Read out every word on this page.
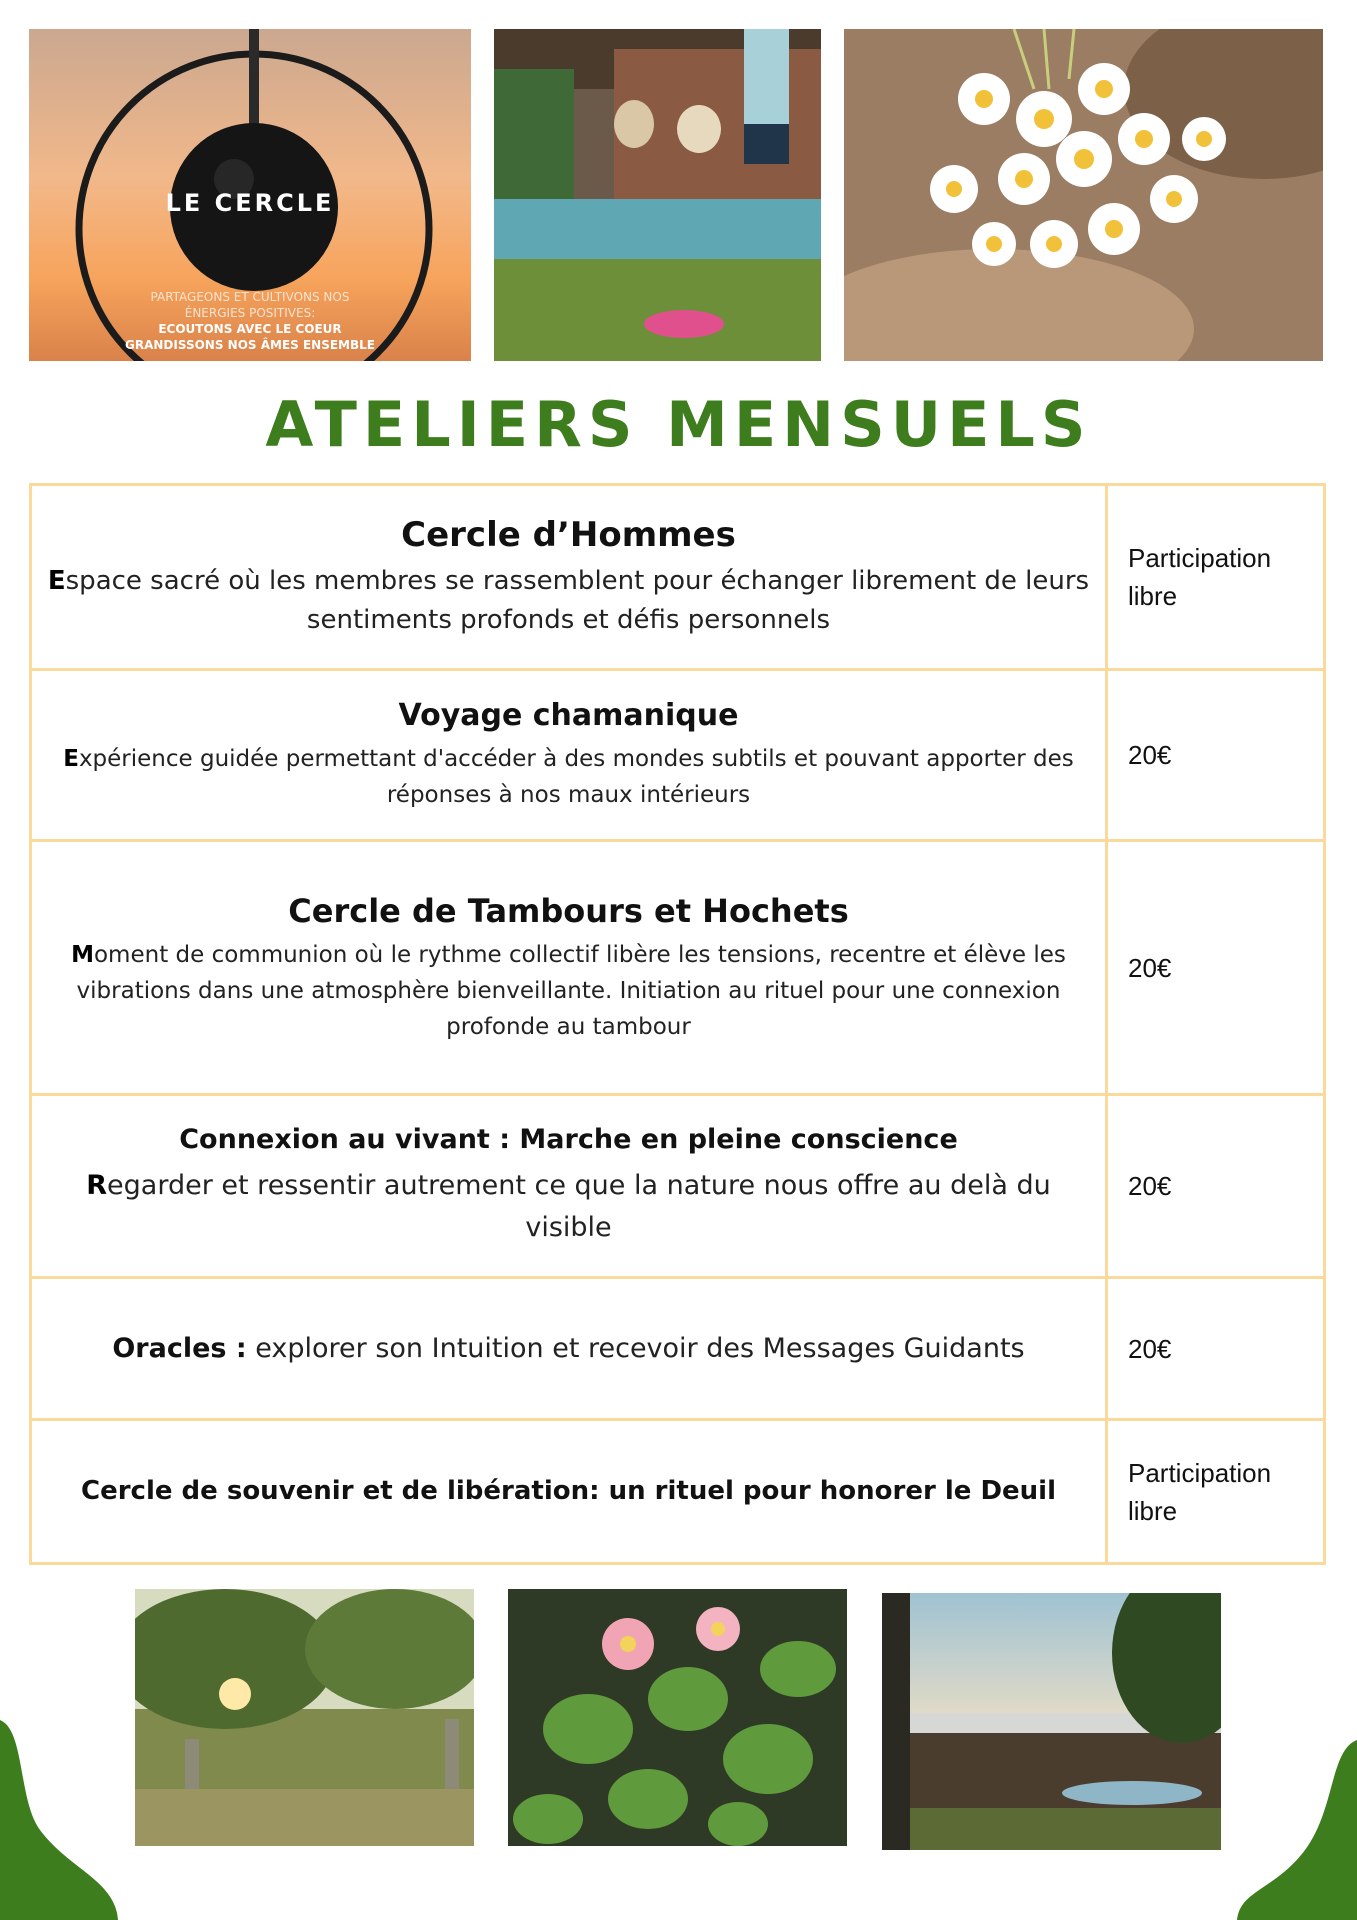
LE CERCLE
PARTAGEONS ET CULTIVONS NOS
ÉNERGIES POSITIVES:
ECOUTONS AVEC LE COEUR
GRANDISSONS NOS ÂMES ENSEMBLE
ATELIERS MENSUELS
Cercle d’Hommes
Espace sacré où les membres se rassemblent pour échanger librement de leurs sentiments profonds et défis personnels	Participation libre

Voyage chamanique
Expérience guidée permettant d'accéder à des mondes subtils et pouvant apporter des réponses à nos maux intérieurs	20€

Cercle de Tambours et Hochets
Moment de communion où le rythme collectif libère les tensions, recentre et élève les vibrations dans une atmosphère bienveillante. Initiation au rituel pour une connexion profonde au tambour	20€

Connexion au vivant : Marche en pleine conscience
Regarder et ressentir autrement ce que la nature nous offre au delà du visible	20€

Oracles : explorer son Intuition et recevoir des Messages Guidants	20€

Cercle de souvenir et de libération: un rituel pour honorer le Deuil	Participation libre
